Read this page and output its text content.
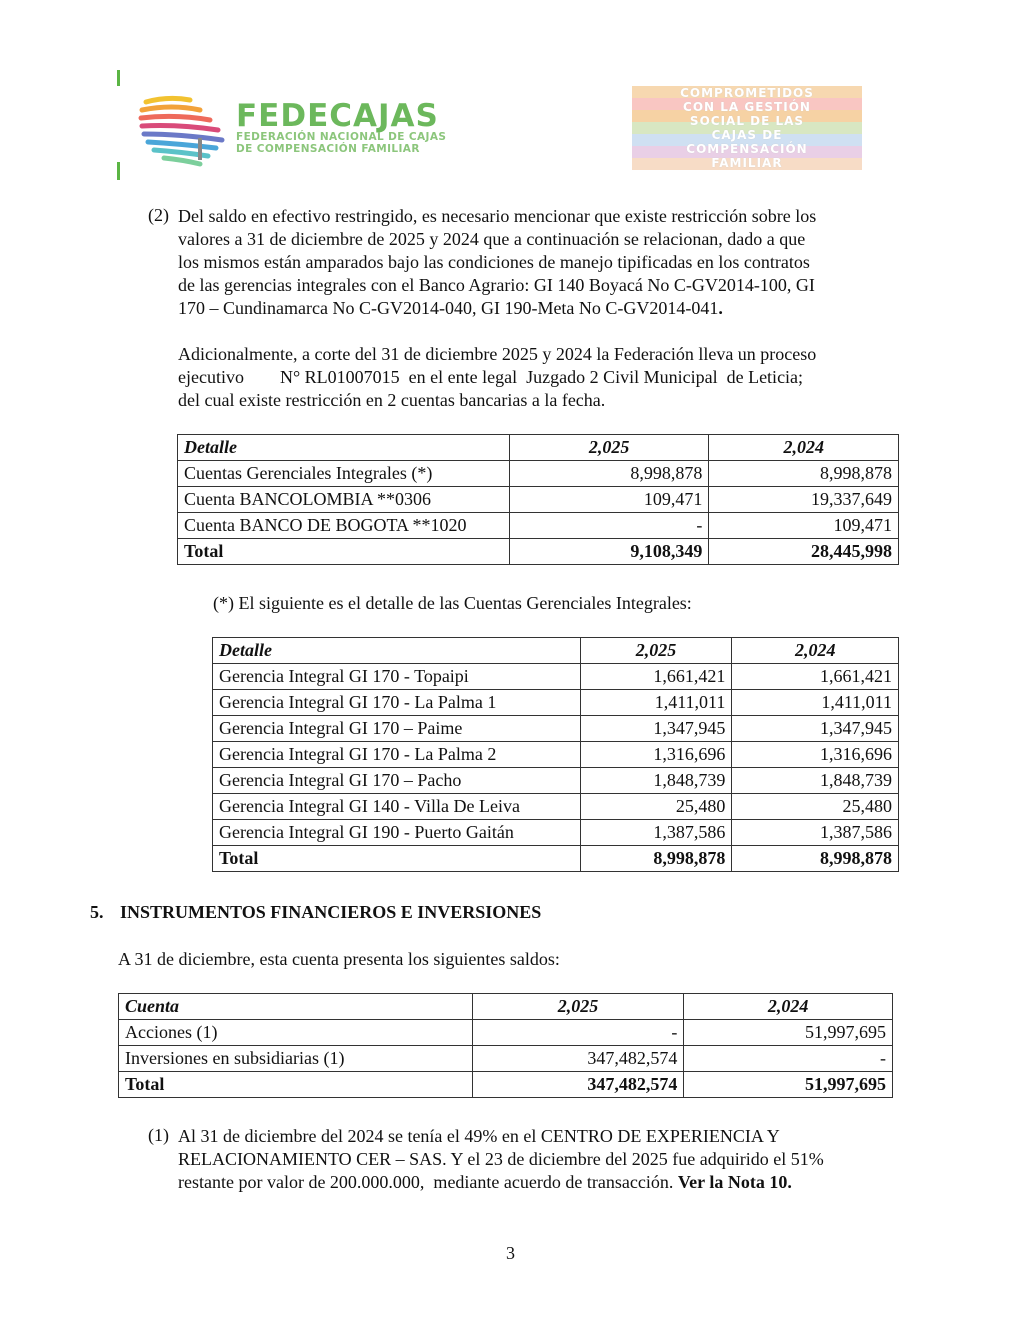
FEDECAJAS
FEDERACIÓN NACIONAL DE CAJAS
DE COMPENSACIÓN FAMILIAR
COMPROMETIDOS
CON LA GESTIÓN
SOCIAL DE LAS
CAJAS DE
COMPENSACIÓN
FAMILIAR
(2) Del saldo en efectivo restringido, es necesario mencionar que existe restricción sobre los
valores a 31 de diciembre de 2025 y 2024 que a continuación se relacionan, dado a que
los mismos están amparados bajo las condiciones de manejo tipificadas en los contratos
de las gerencias integrales con el Banco Agrario: GI 140 Boyacá No C-GV2014-100, GI
170 – Cundinamarca No C-GV2014-040, GI 190-Meta No C-GV2014-041.
Adicionalmente, a corte del 31 de diciembre 2025 y 2024 la Federación lleva un proceso
ejecutivo        N° RL01007015  en el ente legal  Juzgado 2 Civil Municipal  de Leticia;
del cual existe restricción en 2 cuentas bancarias a la fecha.
Detalle	2,025	2,024
Cuentas Gerenciales Integrales (*)	8,998,878	8,998,878
Cuenta BANCOLOMBIA **0306	109,471	19,337,649
Cuenta BANCO DE BOGOTA **1020	-	109,471
Total	9,108,349	28,445,998
(*) El siguiente es el detalle de las Cuentas Gerenciales Integrales:
Detalle	2,025	2,024
Gerencia Integral GI 170 - Topaipi	1,661,421	1,661,421
Gerencia Integral GI 170 - La Palma 1	1,411,011	1,411,011
Gerencia Integral GI 170 – Paime	1,347,945	1,347,945
Gerencia Integral GI 170 - La Palma 2	1,316,696	1,316,696
Gerencia Integral GI 170 – Pacho	1,848,739	1,848,739
Gerencia Integral GI 140 - Villa De Leiva	25,480	25,480
Gerencia Integral GI 190 - Puerto Gaitán	1,387,586	1,387,586
Total	8,998,878	8,998,878
5. INSTRUMENTOS FINANCIEROS E INVERSIONES
A 31 de diciembre, esta cuenta presenta los siguientes saldos:
Cuenta	2,025	2,024
Acciones (1)	-	51,997,695
Inversiones en subsidiarias (1)	347,482,574	-
Total	347,482,574	51,997,695
(1) Al 31 de diciembre del 2024 se tenía el 49% en el CENTRO DE EXPERIENCIA Y
RELACIONAMIENTO CER – SAS. Y el 23 de diciembre del 2025 fue adquirido el 51%
restante por valor de 200.000.000,  mediante acuerdo de transacción. Ver la Nota 10.
3
